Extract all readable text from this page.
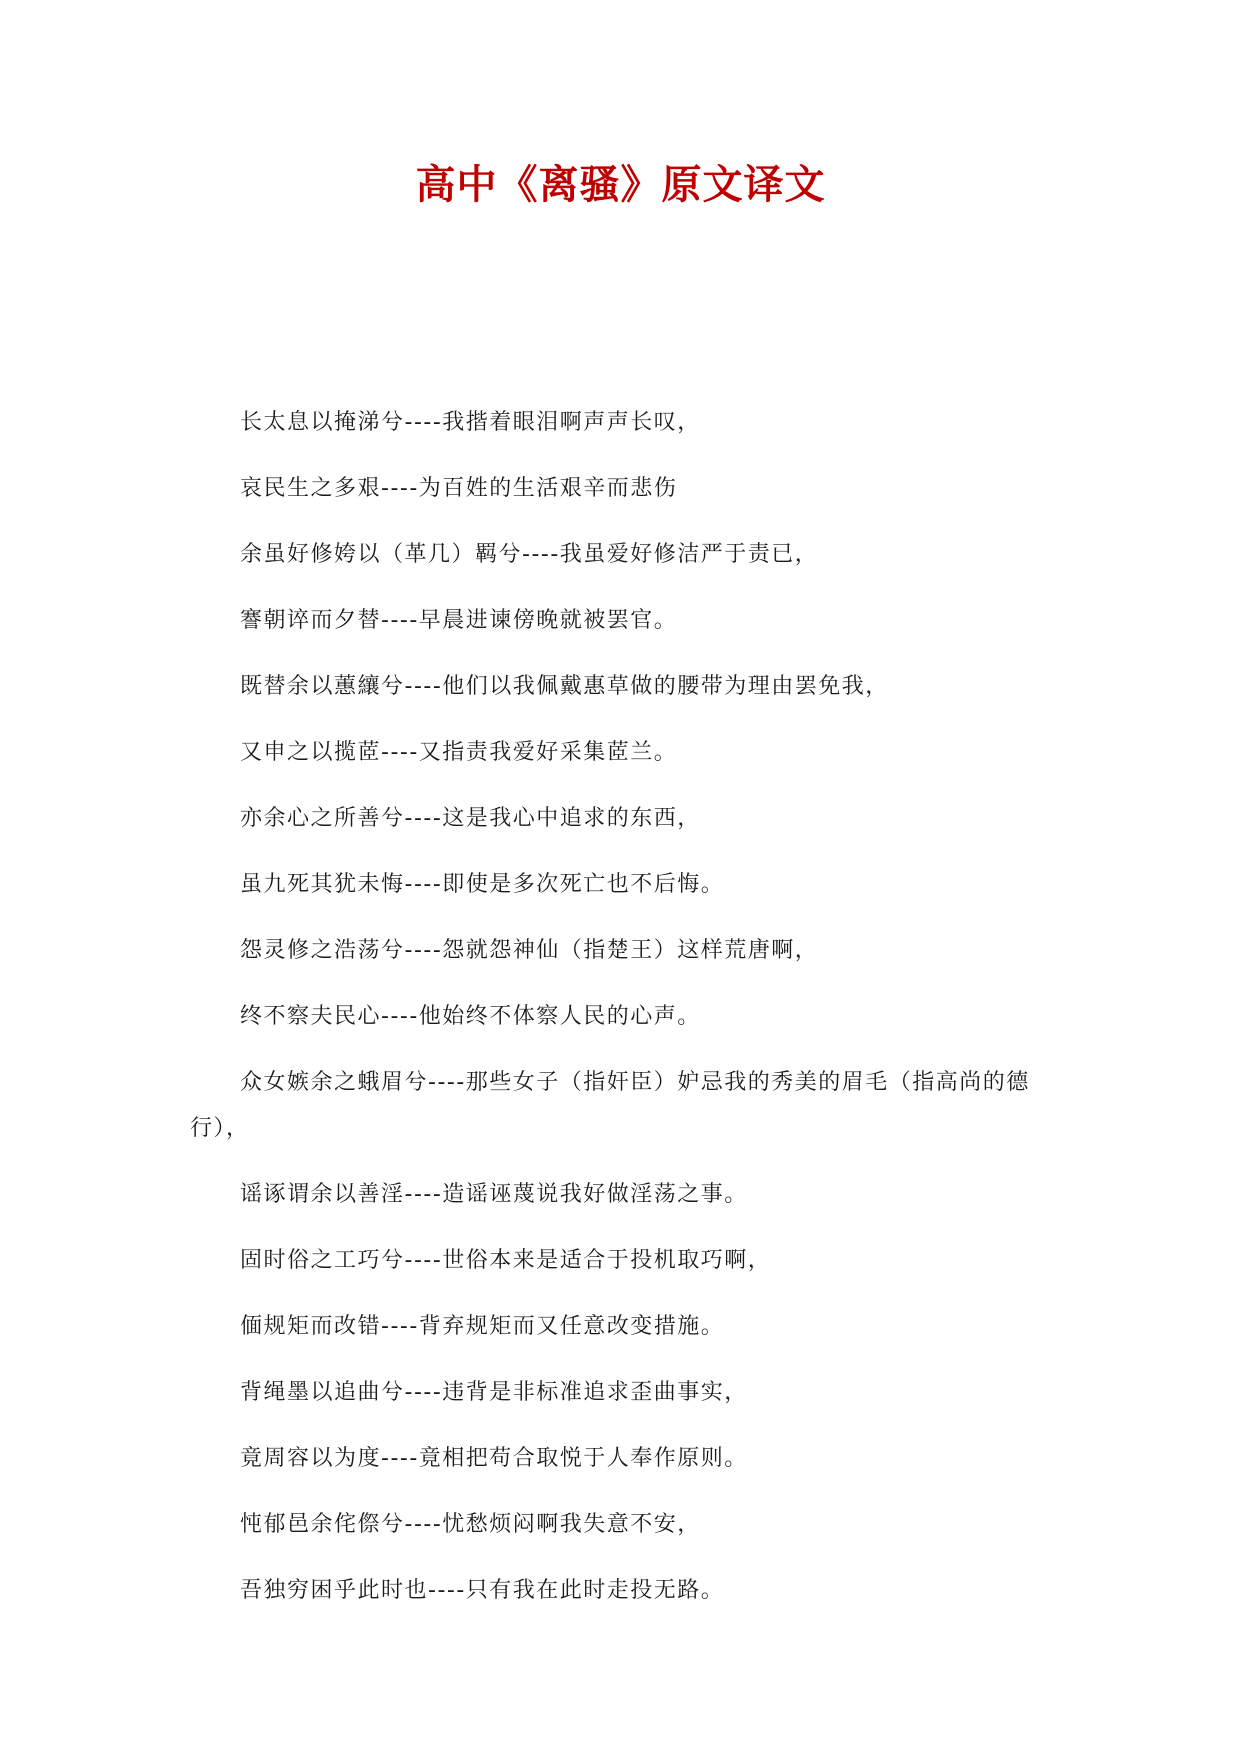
高中《离骚》原文译文

长太息以掩涕兮----我揩着眼泪啊声声长叹，

哀民生之多艰----为百姓的生活艰辛而悲伤

余虽好修姱以（革几）羁兮----我虽爱好修洁严于责已，

謇朝谇而夕替----早晨进谏傍晚就被罢官。

既替余以蕙纕兮----他们以我佩戴惠草做的腰带为理由罢免我，

又申之以揽茝----又指责我爱好采集茝兰。

亦余心之所善兮----这是我心中追求的东西，

虽九死其犹未悔----即使是多次死亡也不后悔。

怨灵修之浩荡兮----怨就怨神仙（指楚王）这样荒唐啊，

终不察夫民心----他始终不体察人民的心声。

众女嫉余之蛾眉兮----那些女子（指奸臣）妒忌我的秀美的眉毛（指高尚的德行），

谣诼谓余以善淫----造谣诬蔑说我好做淫荡之事。

固时俗之工巧兮----世俗本来是适合于投机取巧啊，

偭规矩而改错----背弃规矩而又任意改变措施。

背绳墨以追曲兮----违背是非标准追求歪曲事实，

竟周容以为度----竟相把苟合取悦于人奉作原则。

忳郁邑余侘傺兮----忧愁烦闷啊我失意不安，

吾独穷困乎此时也----只有我在此时走投无路。
